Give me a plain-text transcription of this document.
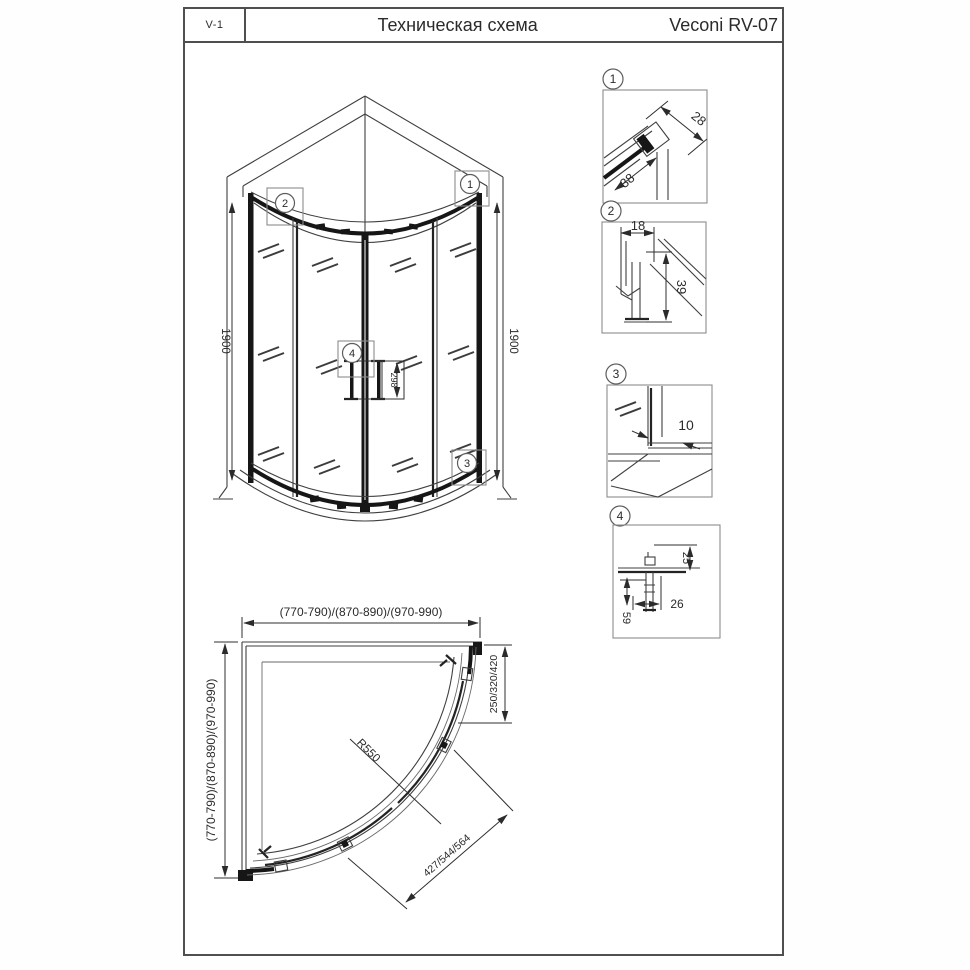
V-1	Техническая схема	Veconi RV-07
1900	1900
298
2
1
3
4
1
28
38
2
18
39
3
10
4
25
26
59
(770-790)/(870-890)/(970-990)
(770-790)/(870-890)/(970-990)	250/320/420
R550
427/544/564
